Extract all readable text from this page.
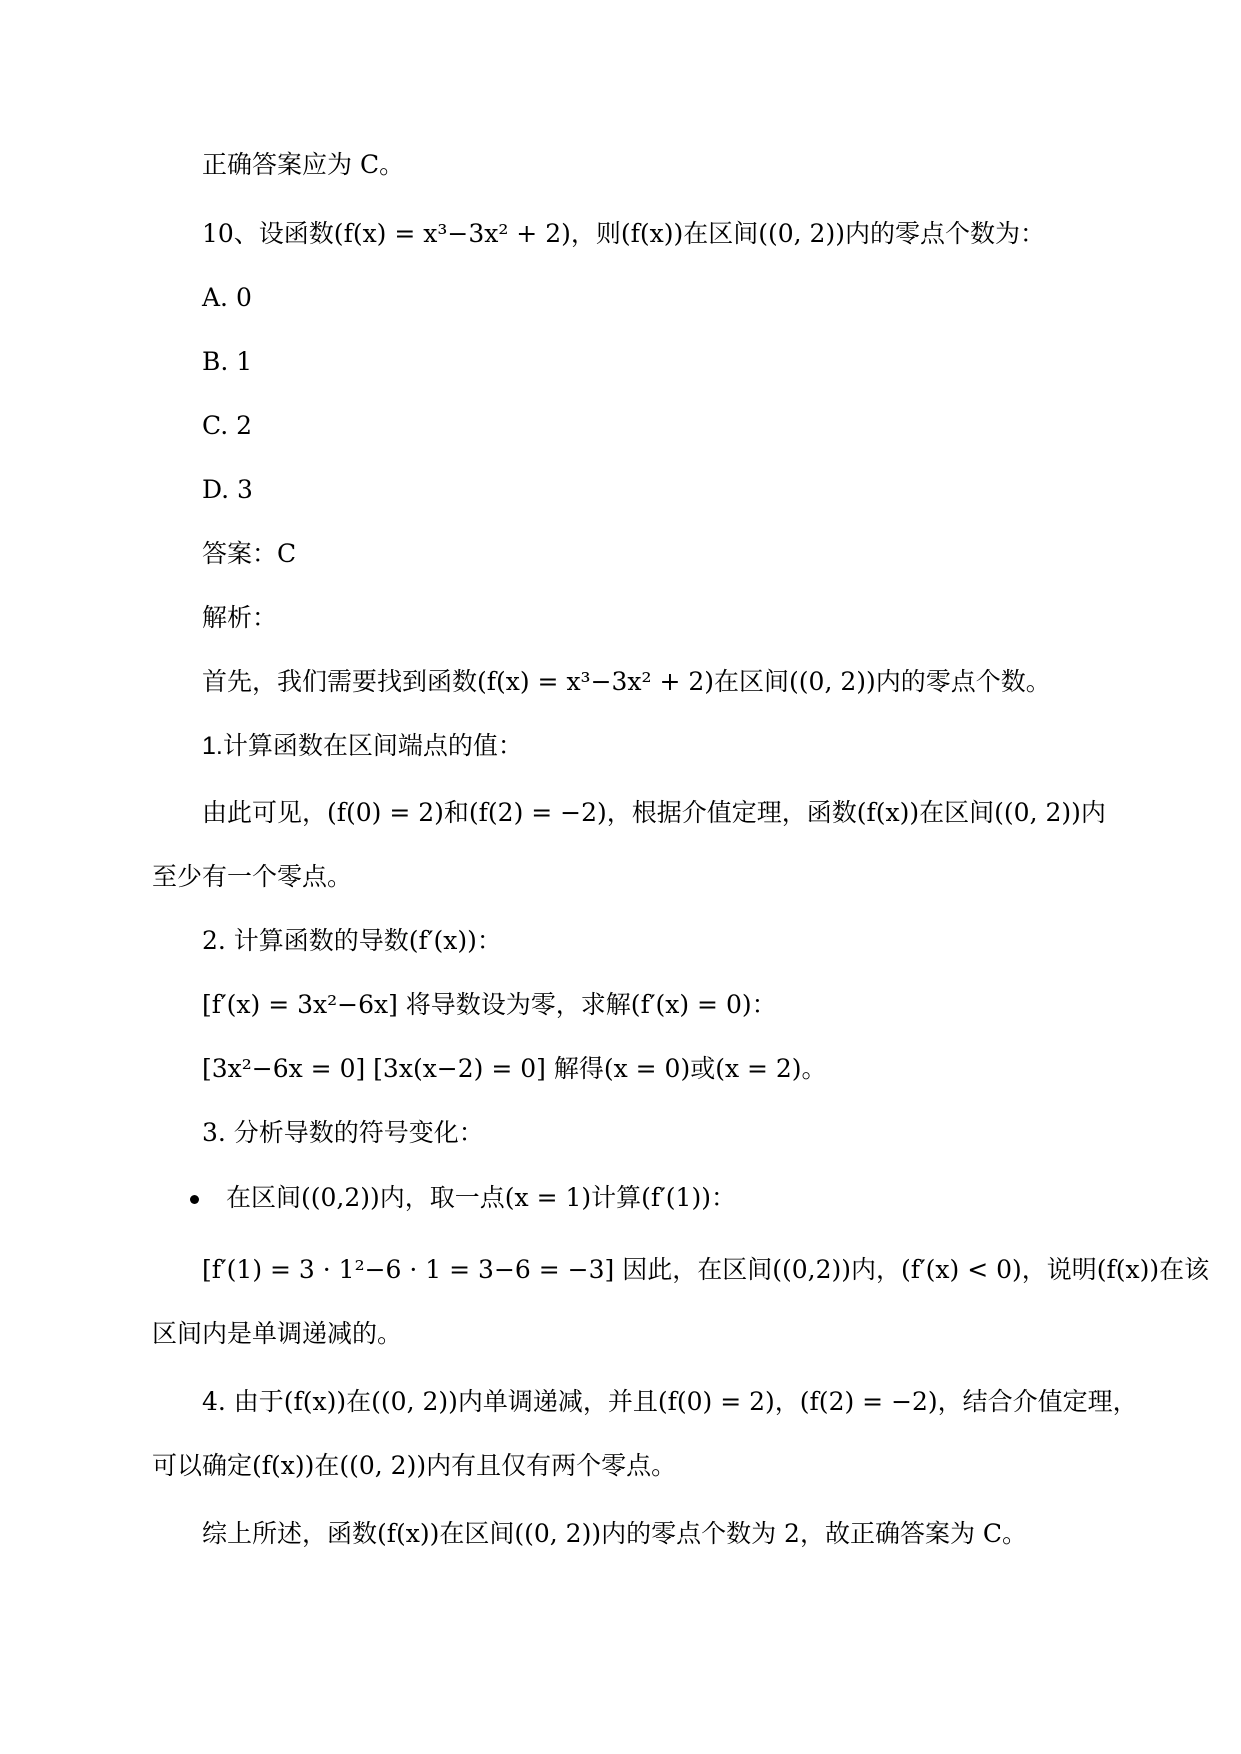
正确答案应为 C。
10、设函数(f(x) = x³−3x² + 2)，则(f(x))在区间((0, 2))内的零点个数为：
A. 0
B. 1
C. 2
D. 3
答案：C
解析：
首先，我们需要找到函数(f(x) = x³−3x² + 2)在区间((0, 2))内的零点个数。
1.计算函数在区间端点的值：
由此可见，(f(0) = 2)和(f(2) = −2)，根据介值定理，函数(f(x))在区间((0, 2))内
至少有一个零点。
2. 计算函数的导数(f′(x))：
[f′(x) = 3x²−6x] 将导数设为零，求解(f′(x) = 0)：
[3x²−6x = 0] [3x(x−2) = 0] 解得(x = 0)或(x = 2)。
3. 分析导数的符号变化：
在区间((0,2))内，取一点(x = 1)计算(f′(1))：
[f′(1) = 3 · 1²−6 · 1 = 3−6 = −3] 因此，在区间((0,2))内，(f′(x) < 0)，说明(f(x))在该
区间内是单调递减的。
4. 由于(f(x))在((0, 2))内单调递减，并且(f(0) = 2)，(f(2) = −2)，结合介值定理，
可以确定(f(x))在((0, 2))内有且仅有两个零点。
综上所述，函数(f(x))在区间((0, 2))内的零点个数为 2，故正确答案为 C。
